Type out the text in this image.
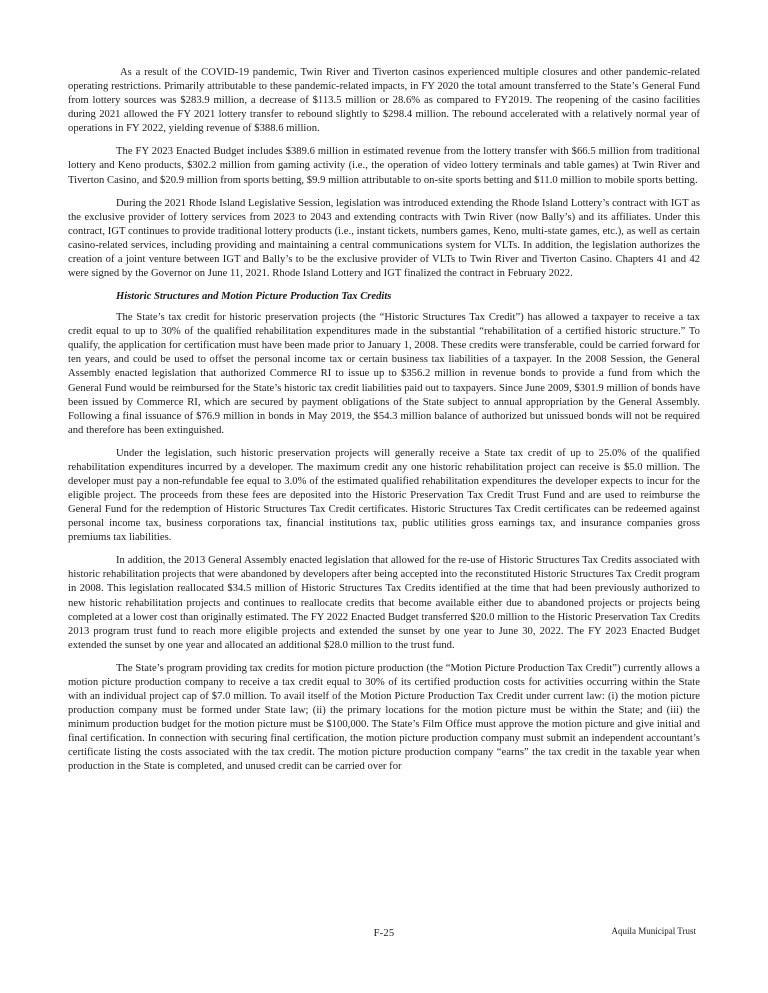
As a result of the COVID-19 pandemic, Twin River and Tiverton casinos experienced multiple closures and other pandemic-related operating restrictions. Primarily attributable to these pandemic-related impacts, in FY 2020 the total amount transferred to the State’s General Fund from lottery sources was $283.9 million, a decrease of $113.5 million or 28.6% as compared to FY2019. The reopening of the casino facilities during 2021 allowed the FY 2021 lottery transfer to rebound slightly to $298.4 million. The rebound accelerated with a relatively normal year of operations in FY 2022, yielding revenue of $388.6 million.

The FY 2023 Enacted Budget includes $389.6 million in estimated revenue from the lottery transfer with $66.5 million from traditional lottery and Keno products, $302.2 million from gaming activity (i.e., the operation of video lottery terminals and table games) at Twin River and Tiverton Casino, and $20.9 million from sports betting, $9.9 million attributable to on-site sports betting and $11.0 million to mobile sports betting.

During the 2021 Rhode Island Legislative Session, legislation was introduced extending the Rhode Island Lottery’s contract with IGT as the exclusive provider of lottery services from 2023 to 2043 and extending contracts with Twin River (now Bally’s) and its affiliates. Under this contract, IGT continues to provide traditional lottery products (i.e., instant tickets, numbers games, Keno, multi-state games, etc.), as well as certain casino-related services, including providing and maintaining a central communications system for VLTs. In addition, the legislation authorizes the creation of a joint venture between IGT and Bally’s to be the exclusive provider of VLTs to Twin River and Tiverton Casino. Chapters 41 and 42 were signed by the Governor on June 11, 2021. Rhode Island Lottery and IGT finalized the contract in February 2022.

Historic Structures and Motion Picture Production Tax Credits

The State’s tax credit for historic preservation projects (the “Historic Structures Tax Credit”) has allowed a taxpayer to receive a tax credit equal to up to 30% of the qualified rehabilitation expenditures made in the substantial “rehabilitation of a certified historic structure.” To qualify, the application for certification must have been made prior to January 1, 2008. These credits were transferable, could be carried forward for ten years, and could be used to offset the personal income tax or certain business tax liabilities of a taxpayer. In the 2008 Session, the General Assembly enacted legislation that authorized Commerce RI to issue up to $356.2 million in revenue bonds to provide a fund from which the General Fund would be reimbursed for the State’s historic tax credit liabilities paid out to taxpayers. Since June 2009, $301.9 million of bonds have been issued by Commerce RI, which are secured by payment obligations of the State subject to annual appropriation by the General Assembly. Following a final issuance of $76.9 million in bonds in May 2019, the $54.3 million balance of authorized but unissued bonds will not be required and therefore has been extinguished.

Under the legislation, such historic preservation projects will generally receive a State tax credit of up to 25.0% of the qualified rehabilitation expenditures incurred by a developer. The maximum credit any one historic rehabilitation project can receive is $5.0 million. The developer must pay a non-refundable fee equal to 3.0% of the estimated qualified rehabilitation expenditures the developer expects to incur for the eligible project. The proceeds from these fees are deposited into the Historic Preservation Tax Credit Trust Fund and are used to reimburse the General Fund for the redemption of Historic Structures Tax Credit certificates. Historic Structures Tax Credit certificates can be redeemed against personal income tax, business corporations tax, financial institutions tax, public utilities gross earnings tax, and insurance companies gross premiums tax liabilities.

In addition, the 2013 General Assembly enacted legislation that allowed for the re-use of Historic Structures Tax Credits associated with historic rehabilitation projects that were abandoned by developers after being accepted into the reconstituted Historic Structures Tax Credit program in 2008. This legislation reallocated $34.5 million of Historic Structures Tax Credits identified at the time that had been previously authorized to new historic rehabilitation projects and continues to reallocate credits that become available either due to abandoned projects or projects being completed at a lower cost than originally estimated. The FY 2022 Enacted Budget transferred $20.0 million to the Historic Preservation Tax Credits 2013 program trust fund to reach more eligible projects and extended the sunset by one year to June 30, 2022. The FY 2023 Enacted Budget extended the sunset by one year and allocated an additional $28.0 million to the trust fund.

The State’s program providing tax credits for motion picture production (the “Motion Picture Production Tax Credit”) currently allows a motion picture production company to receive a tax credit equal to 30% of its certified production costs for activities occurring within the State with an individual project cap of $7.0 million. To avail itself of the Motion Picture Production Tax Credit under current law: (i) the motion picture production company must be formed under State law; (ii) the primary locations for the motion picture must be within the State; and (iii) the minimum production budget for the motion picture must be $100,000. The State’s Film Office must approve the motion picture and give initial and final certification. In connection with securing final certification, the motion picture production company must submit an independent accountant’s certificate listing the costs associated with the tax credit. The motion picture production company “earns” the tax credit in the taxable year when production in the State is completed, and unused credit can be carried over for

F-25	Aquila Municipal Trust
